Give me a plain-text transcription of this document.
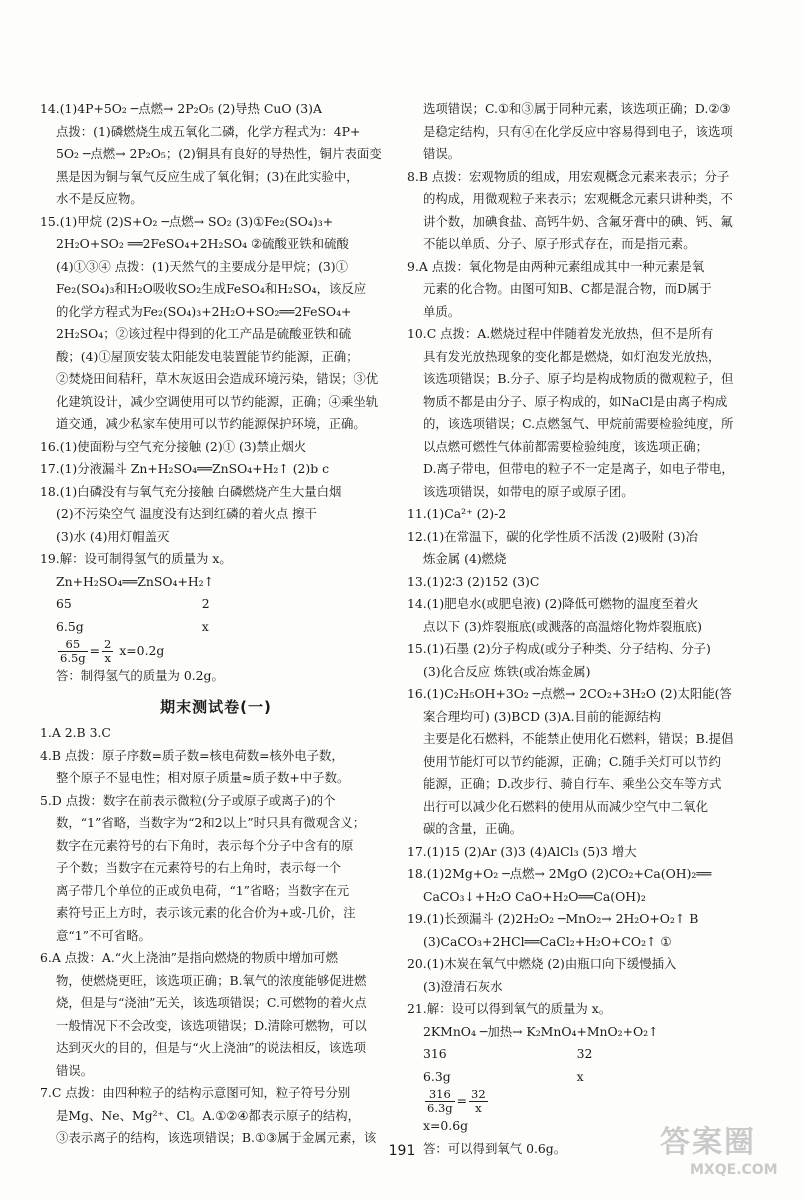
14.(1)4P+5O₂ ─点燃→ 2P₂O₅ (2)导热 CuO (3)A
点拨：(1)磷燃烧生成五氧化二磷，化学方程式为：4P+
5O₂ ─点燃→ 2P₂O₅；(2)铜具有良好的导热性，铜片表面变
黑是因为铜与氧气反应生成了氧化铜；(3)在此实验中，
水不是反应物。
15.(1)甲烷 (2)S+O₂ ─点燃→ SO₂ (3)①Fe₂(SO₄)₃+
2H₂O+SO₂ ══2FeSO₄+2H₂SO₄ ②硫酸亚铁和硫酸
(4)①③④ 点拨：(1)天然气的主要成分是甲烷；(3)①
Fe₂(SO₄)₃和H₂O吸收SO₂生成FeSO₄和H₂SO₄，该反应
的化学方程式为Fe₂(SO₄)₃+2H₂O+SO₂══2FeSO₄+
2H₂SO₄；②该过程中得到的化工产品是硫酸亚铁和硫
酸；(4)①屋顶安装太阳能发电装置能节约能源，正确；
②焚烧田间秸秆，草木灰返田会造成环境污染，错误；③优
化建筑设计，减少空调使用可以节约能源，正确；④乘坐轨
道交通，减少私家车使用可以节约能源保护环境，正确。
16.(1)使面粉与空气充分接触 (2)① (3)禁止烟火
17.(1)分液漏斗 Zn+H₂SO₄══ZnSO₄+H₂↑ (2)b c
18.(1)白磷没有与氧气充分接触 白磷燃烧产生大量白烟
(2)不污染空气 温度没有达到红磷的着火点 擦干
(3)水 (4)用灯帽盖灭
19.解：设可制得氢气的质量为 x。
Zn+H₂SO₄══ZnSO₄+H₂↑
65                                 2
6.5g                              x
$\frac{65}{6.5g} = \frac{2}{x} x=0.2g$
答：制得氢气的质量为 0.2g。
期末测试卷(一)
1.A 2.B 3.C
4.B 点拨：原子序数=质子数=核电荷数=核外电子数，
整个原子不显电性；相对原子质量≈质子数+中子数。
5.D 点拨：数字在前表示微粒(分子或原子或离子)的个
数，“1”省略，当数字为“2和2以上”时只具有微观含义；
数字在元素符号的右下角时，表示每个分子中含有的原
子个数；当数字在元素符号的右上角时，表示每一个
离子带几个单位的正或负电荷，“1”省略；当数字在元
素符号正上方时，表示该元素的化合价为+或-几价，注
意“1”不可省略。
6.A 点拨：A.“火上浇油”是指向燃烧的物质中增加可燃
物，使燃烧更旺，该选项正确；B.氧气的浓度能够促进燃
烧，但是与“浇油”无关，该选项错误；C.可燃物的着火点
一般情况下不会改变，该选项错误；D.清除可燃物，可以
达到灭火的目的，但是与“火上浇油”的说法相反，该选项
错误。
7.C 点拨：由四种粒子的结构示意图可知，粒子符号分别
是Mg、Ne、Mg²⁺、Cl。A.①②④都表示原子的结构，
③表示离子的结构，该选项错误；B.①③属于金属元素，该
选项错误；C.①和③属于同种元素，该选项正确；D.②③
是稳定结构，只有④在化学反应中容易得到电子，该选项
错误。
8.B 点拨：宏观物质的组成，用宏观概念元素来表示；分子
的构成，用微观粒子来表示；宏观概念元素只讲种类，不
讲个数，加碘食盐、高钙牛奶、含氟牙膏中的碘、钙、氟
不能以单质、分子、原子形式存在，而是指元素。
9.A 点拨：氧化物是由两种元素组成其中一种元素是氧
元素的化合物。由图可知B、C都是混合物，而D属于
单质。
10.C 点拨：A.燃烧过程中伴随着发光放热，但不是所有
具有发光放热现象的变化都是燃烧，如灯泡发光放热，
该选项错误；B.分子、原子均是构成物质的微观粒子，但
物质不都是由分子、原子构成的，如NaCl是由离子构成
的，该选项错误；C.点燃氢气、甲烷前需要检验纯度，所
以点燃可燃性气体前都需要检验纯度，该选项正确；
D.离子带电，但带电的粒子不一定是离子，如电子带电，
该选项错误，如带电的原子或原子团。
11.(1)Ca²⁺ (2)-2
12.(1)在常温下，碳的化学性质不活泼 (2)吸附 (3)冶
炼金属 (4)燃烧
13.(1)2∶3 (2)152 (3)C
14.(1)肥皂水(或肥皂液) (2)降低可燃物的温度至着火
点以下 (3)炸裂瓶底(或溅落的高温熔化物炸裂瓶底)
15.(1)石墨 (2)分子构成(或分子种类、分子结构、分子)
(3)化合反应 炼铁(或冶炼金属)
16.(1)C₂H₅OH+3O₂ ─点燃→ 2CO₂+3H₂O (2)太阳能(答
案合理均可) (3)BCD (3)A.目前的能源结构
主要是化石燃料，不能禁止使用化石燃料，错误；B.提倡
使用节能灯可以节约能源，正确；C.随手关灯可以节约
能源，正确；D.改步行、骑自行车、乘坐公交车等方式
出行可以减少化石燃料的使用从而减少空气中二氧化
碳的含量，正确。
17.(1)15 (2)Ar (3)3 (4)AlCl₃ (5)3 增大
18.(1)2Mg+O₂ ─点燃→ 2MgO (2)CO₂+Ca(OH)₂══
CaCO₃↓+H₂O CaO+H₂O══Ca(OH)₂
19.(1)长颈漏斗 (2)2H₂O₂ ─MnO₂→ 2H₂O+O₂↑ B
(3)CaCO₃+2HCl══CaCl₂+H₂O+CO₂↑ ①
20.(1)木炭在氧气中燃烧 (2)由瓶口向下缓慢插入
(3)澄清石灰水
21.解：设可以得到氧气的质量为 x。
2KMnO₄ ─加热→ K₂MnO₄+MnO₂+O₂↑
316                                 32
6.3g                                x
$\frac{316}{6.3g} = \frac{32}{x}$
x=0.6g
答：可以得到氧气 0.6g。
191	答案圈
MXQE.COM
